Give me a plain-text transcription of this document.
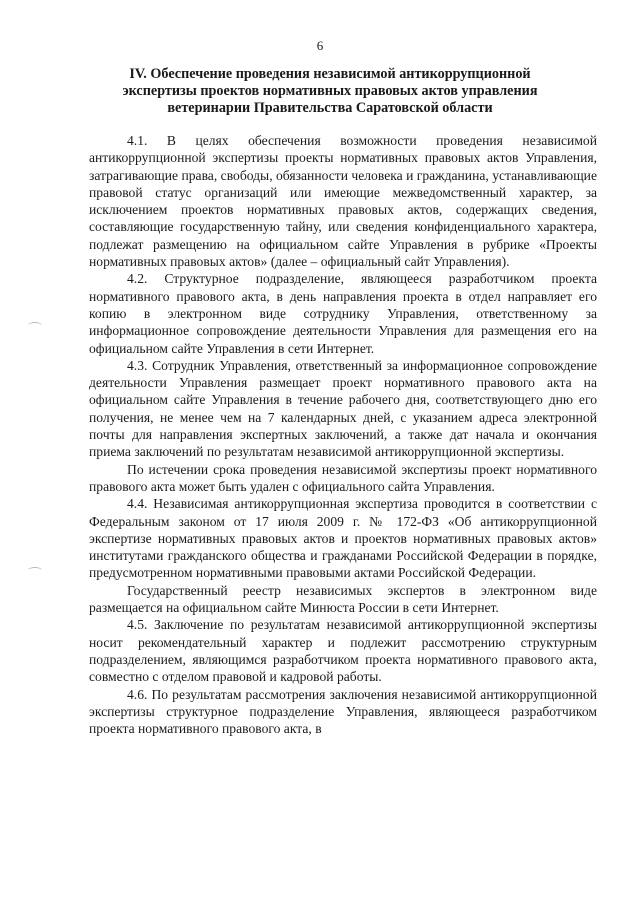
6
IV. Обеспечение проведения независимой антикоррупционной экспертизы проектов нормативных правовых актов управления ветеринарии Правительства Саратовской области

4.1. В целях обеспечения возможности проведения независимой антикоррупционной экспертизы проекты нормативных правовых актов Управления, затрагивающие права, свободы, обязанности человека и гражданина, устанавливающие правовой статус организаций или имеющие межведомственный характер, за исключением проектов нормативных правовых актов, содержащих сведения, составляющие государственную тайну, или сведения конфиденциального характера, подлежат размещению на официальном сайте Управления в рубрике «Проекты нормативных правовых актов» (далее – официальный сайт Управления).

4.2. Структурное подразделение, являющееся разработчиком проекта нормативного правового акта, в день направления проекта в отдел направляет его копию в электронном виде сотруднику Управления, ответственному за информационное сопровождение деятельности Управления для размещения его на официальном сайте Управления в сети Интернет.

4.3. Сотрудник Управления, ответственный за информационное сопровождение деятельности Управления размещает проект нормативного правового акта на официальном сайте Управления в течение рабочего дня, соответствующего дню его получения, не менее чем на 7 календарных дней, с указанием адреса электронной почты для направления экспертных заключений, а также дат начала и окончания приема заключений по результатам независимой антикоррупционной экспертизы.

По истечении срока проведения независимой экспертизы проект нормативного правового акта может быть удален с официального сайта Управления.

4.4. Независимая антикоррупционная экспертиза проводится в соответствии с Федеральным законом от 17 июля 2009 г. № 172-ФЗ «Об антикоррупционной экспертизе нормативных правовых актов и проектов нормативных правовых актов» институтами гражданского общества и гражданами Российской Федерации в порядке, предусмотренном нормативными правовыми актами Российской Федерации.

Государственный реестр независимых экспертов в электронном виде размещается на официальном сайте Минюста России в сети Интернет.

4.5. Заключение по результатам независимой антикоррупционной экспертизы носит рекомендательный характер и подлежит рассмотрению структурным подразделением, являющимся разработчиком проекта нормативного правового акта, совместно с отделом правовой и кадровой работы.

4.6. По результатам рассмотрения заключения независимой антикоррупционной экспертизы структурное подразделение Управления, являющееся разработчиком проекта нормативного правового акта, в
